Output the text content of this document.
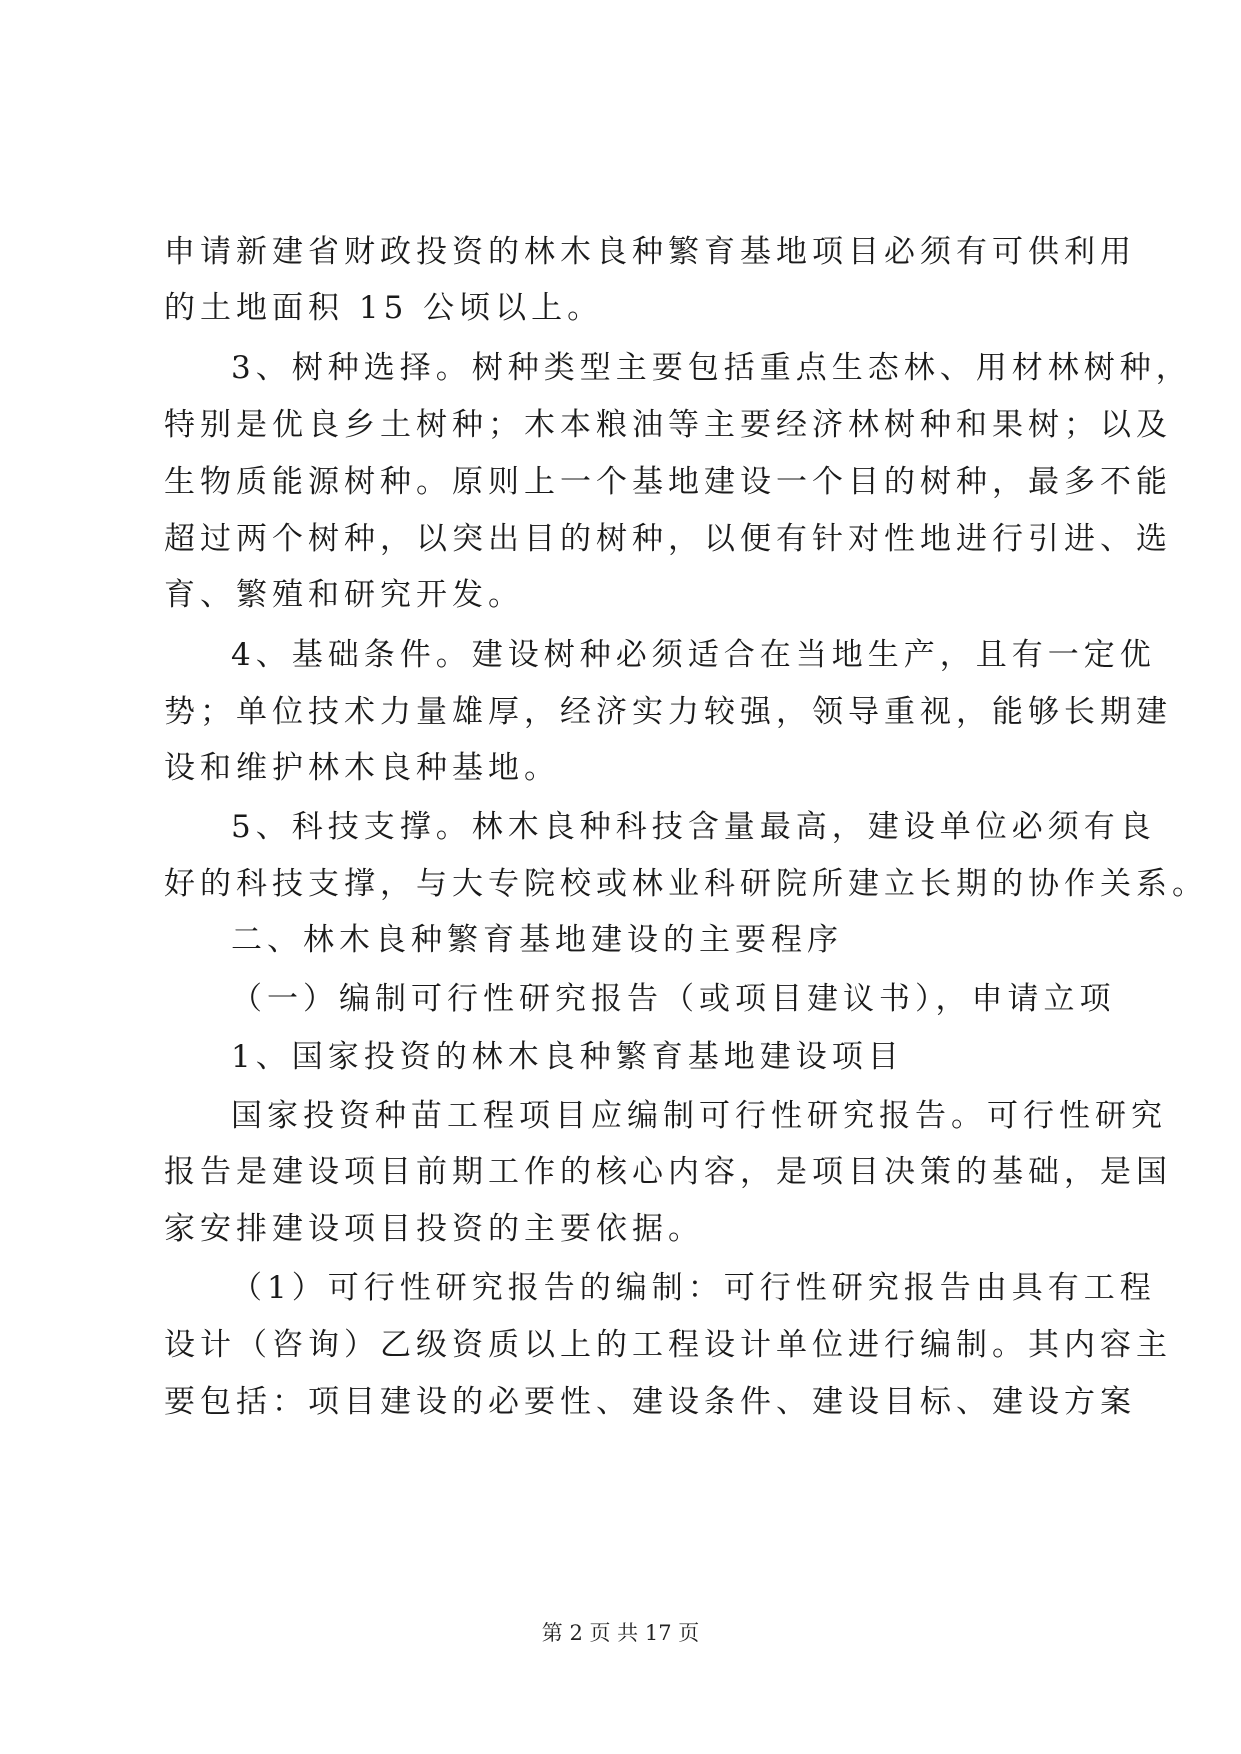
申请新建省财政投资的林木良种繁育基地项目必须有可供利用
的土地面积 15 公顷以上。
3、树种选择。树种类型主要包括重点生态林、用材林树种，
特别是优良乡土树种；木本粮油等主要经济林树种和果树；以及
生物质能源树种。原则上一个基地建设一个目的树种，最多不能
超过两个树种，以突出目的树种，以便有针对性地进行引进、选
育、繁殖和研究开发。
4、基础条件。建设树种必须适合在当地生产，且有一定优
势；单位技术力量雄厚，经济实力较强，领导重视，能够长期建
设和维护林木良种基地。
5、科技支撑。林木良种科技含量最高，建设单位必须有良
好的科技支撑，与大专院校或林业科研院所建立长期的协作关系。
二、林木良种繁育基地建设的主要程序
（一）编制可行性研究报告（或项目建议书），申请立项
1、国家投资的林木良种繁育基地建设项目
国家投资种苗工程项目应编制可行性研究报告。可行性研究
报告是建设项目前期工作的核心内容，是项目决策的基础，是国
家安排建设项目投资的主要依据。
（1）可行性研究报告的编制：可行性研究报告由具有工程
设计（咨询）乙级资质以上的工程设计单位进行编制。其内容主
要包括：项目建设的必要性、建设条件、建设目标、建设方案
第 2 页 共 17 页
